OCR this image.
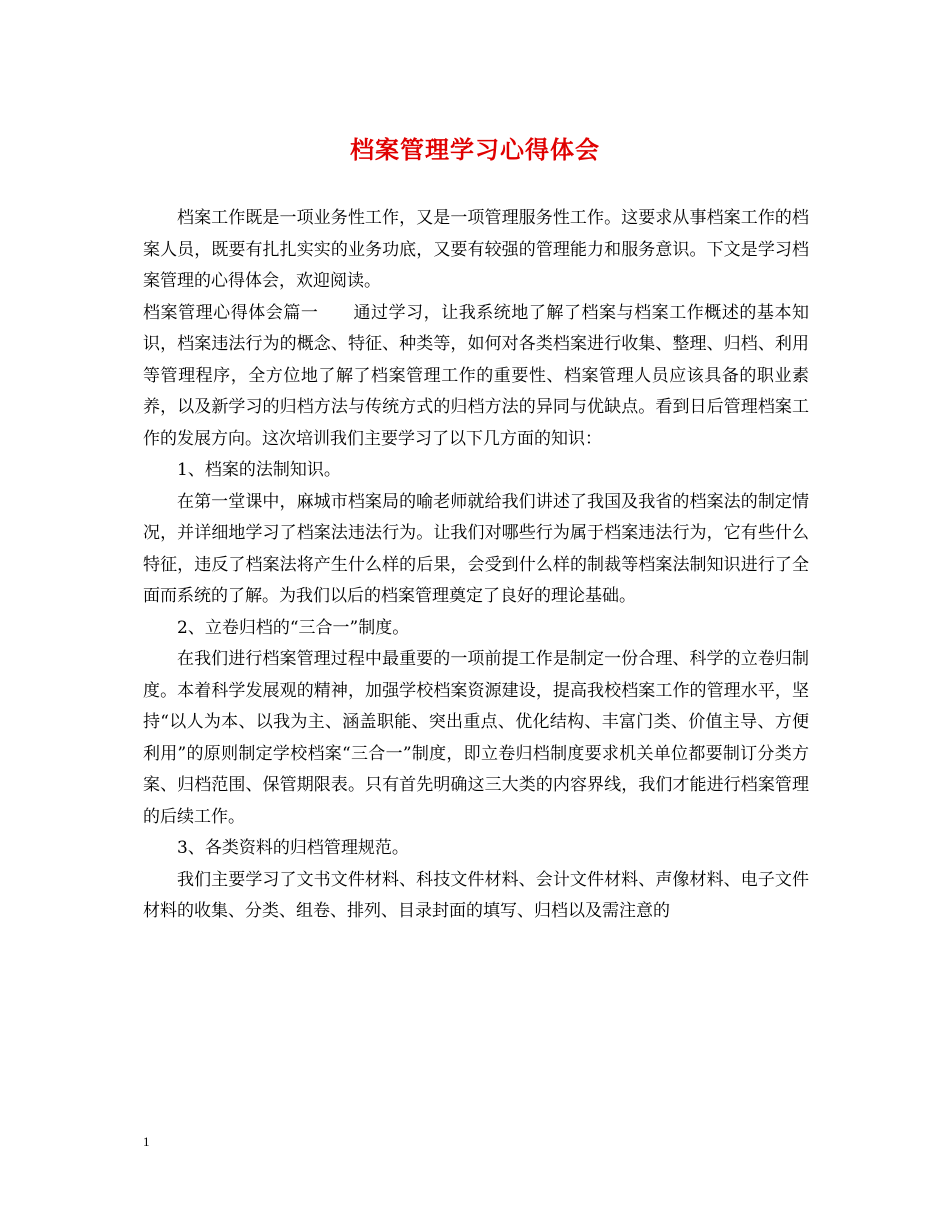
档案管理学习心得体会

档案工作既是一项业务性工作，又是一项管理服务性工作。这要求从事档案工作的档案人员，既要有扎扎实实的业务功底，又要有较强的管理能力和服务意识。下文是学习档案管理的心得体会，欢迎阅读。

档案管理心得体会篇一　　通过学习，让我系统地了解了档案与档案工作概述的基本知识，档案违法行为的概念、特征、种类等，如何对各类档案进行收集、整理、归档、利用等管理程序，全方位地了解了档案管理工作的重要性、档案管理人员应该具备的职业素养，以及新学习的归档方法与传统方式的归档方法的异同与优缺点。看到日后管理档案工作的发展方向。这次培训我们主要学习了以下几方面的知识：

1、档案的法制知识。

在第一堂课中，麻城市档案局的喻老师就给我们讲述了我国及我省的档案法的制定情况，并详细地学习了档案法违法行为。让我们对哪些行为属于档案违法行为，它有些什么特征，违反了档案法将产生什么样的后果，会受到什么样的制裁等档案法制知识进行了全面而系统的了解。为我们以后的档案管理奠定了良好的理论基础。

2、立卷归档的“三合一”制度。

在我们进行档案管理过程中最重要的一项前提工作是制定一份合理、科学的立卷归制度。本着科学发展观的精神，加强学校档案资源建设，提高我校档案工作的管理水平，坚持“以人为本、以我为主、涵盖职能、突出重点、优化结构、丰富门类、价值主导、方便利用”的原则制定学校档案“三合一”制度，即立卷归档制度要求机关单位都要制订分类方案、归档范围、保管期限表。只有首先明确这三大类的内容界线，我们才能进行档案管理的后续工作。

3、各类资料的归档管理规范。

我们主要学习了文书文件材料、科技文件材料、会计文件材料、声像材料、电子文件材料的收集、分类、组卷、排列、目录封面的填写、归档以及需注意的

1
